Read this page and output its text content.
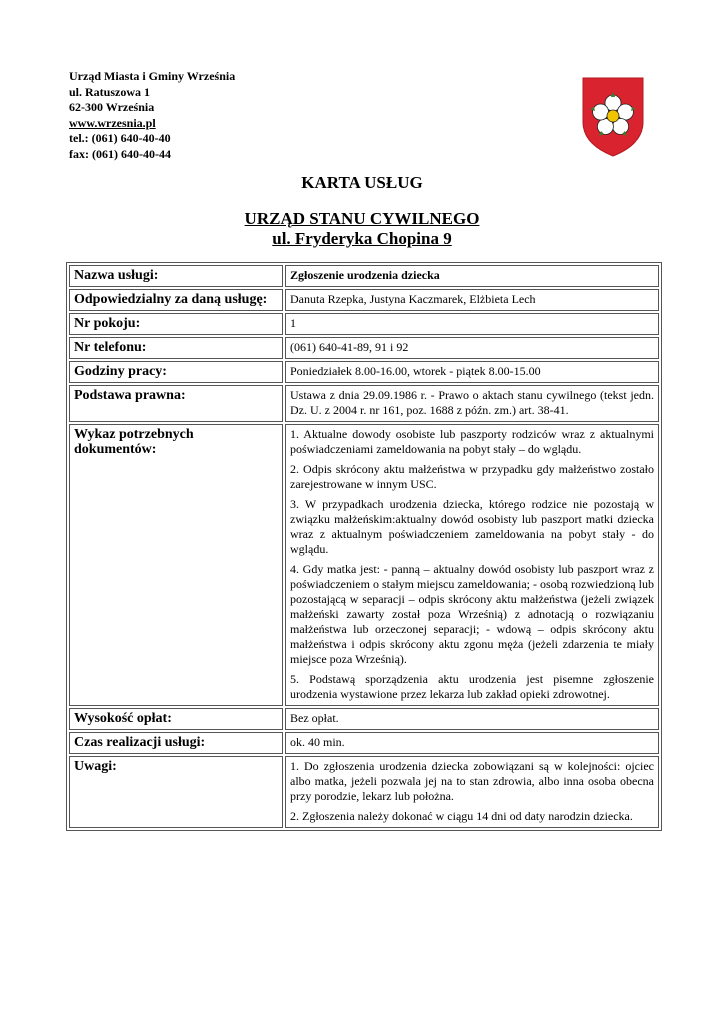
Urząd Miasta i Gminy Września
ul. Ratuszowa 1
62-300 Września
www.wrzesnia.pl
tel.: (061) 640-40-40
fax: (061) 640-40-44
KARTA USŁUG
URZĄD STANU CYWILNEGO
ul. Fryderyka Chopina 9
Nazwa usługi:	Zgłoszenie urodzenia dziecka

Odpowiedzialny za daną usługę:	Danuta Rzepka, Justyna Kaczmarek, Elżbieta Lech

Nr pokoju:	1

Nr telefonu:	(061) 640-41-89, 91 i 92

Godziny pracy:	Poniedziałek 8.00-16.00, wtorek - piątek 8.00-15.00

Podstawa prawna:	Ustawa z dnia 29.09.1986 r. - Prawo o aktach stanu cywilnego (tekst jedn. Dz. U. z 2004 r. nr 161, poz. 1688 z późn. zm.) art. 38-41.

Wykaz potrzebnych dokumentów:	1. Aktualne dowody osobiste lub paszporty rodziców wraz z aktualnymi poświadczeniami zameldowania na pobyt stały – do wglądu.

2. Odpis skrócony aktu małżeństwa w przypadku gdy małżeństwo zostało zarejestrowane w innym USC.

3. W przypadkach urodzenia dziecka, którego rodzice nie pozostają w związku małżeńskim:aktualny dowód osobisty lub paszport matki dziecka wraz z aktualnym poświadczeniem zameldowania na pobyt stały - do wglądu.

4. Gdy matka jest: - panną – aktualny dowód osobisty lub paszport wraz z poświadczeniem o stałym miejscu zameldowania; - osobą rozwiedzioną lub pozostającą w separacji – odpis skrócony aktu małżeństwa (jeżeli związek małżeński zawarty został poza Wrześnią) z adnotacją o rozwiązaniu małżeństwa lub orzeczonej separacji; - wdową – odpis skrócony aktu małżeństwa i odpis skrócony aktu zgonu męża (jeżeli zdarzenia te miały miejsce poza Wrześnią).

5. Podstawą sporządzenia aktu urodzenia jest pisemne zgłoszenie urodzenia wystawione przez lekarza lub zakład opieki zdrowotnej.

Wysokość opłat:	Bez opłat.

Czas realizacji usługi:	ok. 40 min.

Uwagi:	1. Do zgłoszenia urodzenia dziecka zobowiązani są w kolejności: ojciec albo matka, jeżeli pozwala jej na to stan zdrowia, albo inna osoba obecna przy porodzie, lekarz lub położna.

2. Zgłoszenia należy dokonać w ciągu 14 dni od daty narodzin dziecka.
